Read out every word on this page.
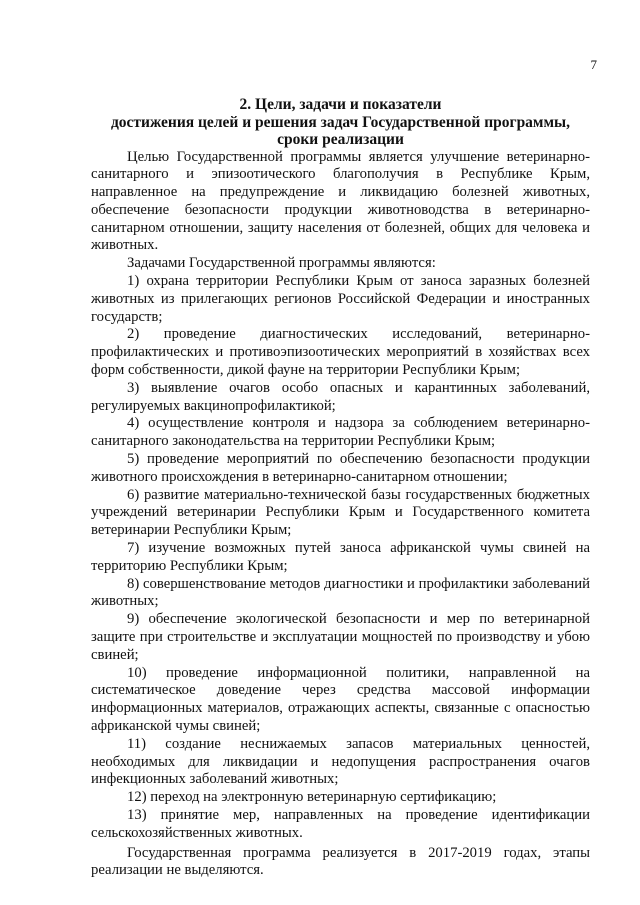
7
2. Цели, задачи и показатели
достижения целей и решения задач Государственной программы,
сроки реализации

Целью Государственной программы является улучшение ветеринарно-санитарного и эпизоотического благополучия в Республике Крым, направленное на предупреждение и ликвидацию болезней животных, обеспечение безопасности продукции животноводства в ветеринарно-санитарном отношении, защиту населения от болезней, общих для человека и животных.

Задачами Государственной программы являются:

1) охрана территории Республики Крым от заноса заразных болезней животных из прилегающих регионов Российской Федерации и иностранных государств;
2) проведение диагностических исследований, ветеринарно-профилактических и противоэпизоотических мероприятий в хозяйствах всех форм собственности, дикой фауне на территории Республики Крым;
3) выявление очагов особо опасных и карантинных заболеваний, регулируемых вакцинопрофилактикой;
4) осуществление контроля и надзора за соблюдением ветеринарно-санитарного законодательства на территории Республики Крым;
5) проведение мероприятий по обеспечению безопасности продукции животного происхождения в ветеринарно-санитарном отношении;
6) развитие материально-технической базы государственных бюджетных учреждений ветеринарии Республики Крым и Государственного комитета ветеринарии Республики Крым;
7) изучение возможных путей заноса африканской чумы свиней на территорию Республики Крым;
8) совершенствование методов диагностики и профилактики заболеваний животных;
9) обеспечение экологической безопасности и мер по ветеринарной защите при строительстве и эксплуатации мощностей по производству и убою свиней;
10) проведение информационной политики, направленной на систематическое доведение через средства массовой информации информационных материалов, отражающих аспекты, связанные с опасностью африканской чумы свиней;
11) создание неснижаемых запасов материальных ценностей, необходимых для ликвидации и недопущения распространения очагов инфекционных заболеваний животных;
12) переход на электронную ветеринарную сертификацию;
13) принятие мер, направленных на проведение идентификации сельскохозяйственных животных.

Государственная программа реализуется в 2017-2019 годах, этапы реализации не выделяются.
